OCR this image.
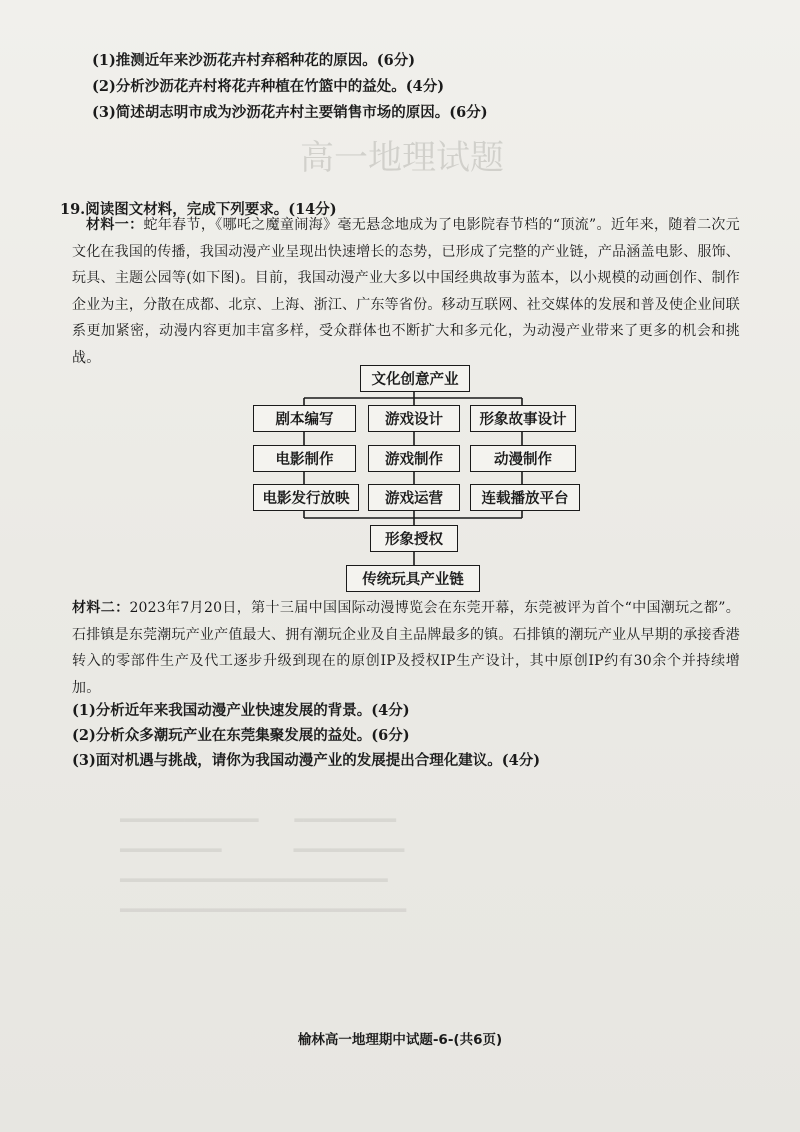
高一地理试题
(1)推测近年来沙沥花卉村弃稻种花的原因。(6分)
(2)分析沙沥花卉村将花卉种植在竹篮中的益处。(4分)
(3)简述胡志明市成为沙沥花卉村主要销售市场的原因。(6分)
19.阅读图文材料，完成下列要求。(14分)
材料一：蛇年春节，《哪吒之魔童闹海》毫无悬念地成为了电影院春节档的“顶流”。近年来，随着二次元文化在我国的传播，我国动漫产业呈现出快速增长的态势，已形成了完整的产业链，产品涵盖电影、服饰、玩具、主题公园等(如下图)。目前，我国动漫产业大多以中国经典故事为蓝本，以小规模的动画创作、制作企业为主，分散在成都、北京、上海、浙江、广东等省份。移动互联网、社交媒体的发展和普及使企业间联系更加紧密，动漫内容更加丰富多样，受众群体也不断扩大和多元化，为动漫产业带来了更多的机会和挑战。
文化创意产业
剧本编写	游戏设计	形象故事设计
电影制作	游戏制作	动漫制作
电影发行放映	游戏运营	连载播放平台
形象授权
传统玩具产业链
材料二：2023年7月20日，第十三届中国国际动漫博览会在东莞开幕，东莞被评为首个“中国潮玩之都”。石排镇是东莞潮玩产业产值最大、拥有潮玩企业及自主品牌最多的镇。石排镇的潮玩产业从早期的承接香港转入的零部件生产及代工逐步升级到现在的原创IP及授权IP生产设计，其中原创IP约有30余个并持续增加。
(1)分析近年来我国动漫产业快速发展的背景。(4分)
(2)分析众多潮玩产业在东莞集聚发展的益处。(6分)
(3)面对机遇与挑战，请你为我国动漫产业的发展提出合理化建议。(4分)
▂▂▂▂▂▂▂▂▂▂▂▂▂▂▂　　　▂▂▂▂▂▂▂▂▂▂▂
▂▂▂▂▂▂▂▂▂▂▂　　　　　　▂▂▂▂▂▂▂▂▂▂▂▂
▂▂▂▂▂▂▂▂▂▂▂▂▂▂▂▂▂▂▂▂▂▂▂▂▂▂▂▂▂
▂▂▂▂▂▂▂▂▂▂▂▂▂▂▂▂▂▂▂▂▂▂▂▂▂▂▂▂▂▂▂
榆林高一地理期中试题-6-(共6页)
